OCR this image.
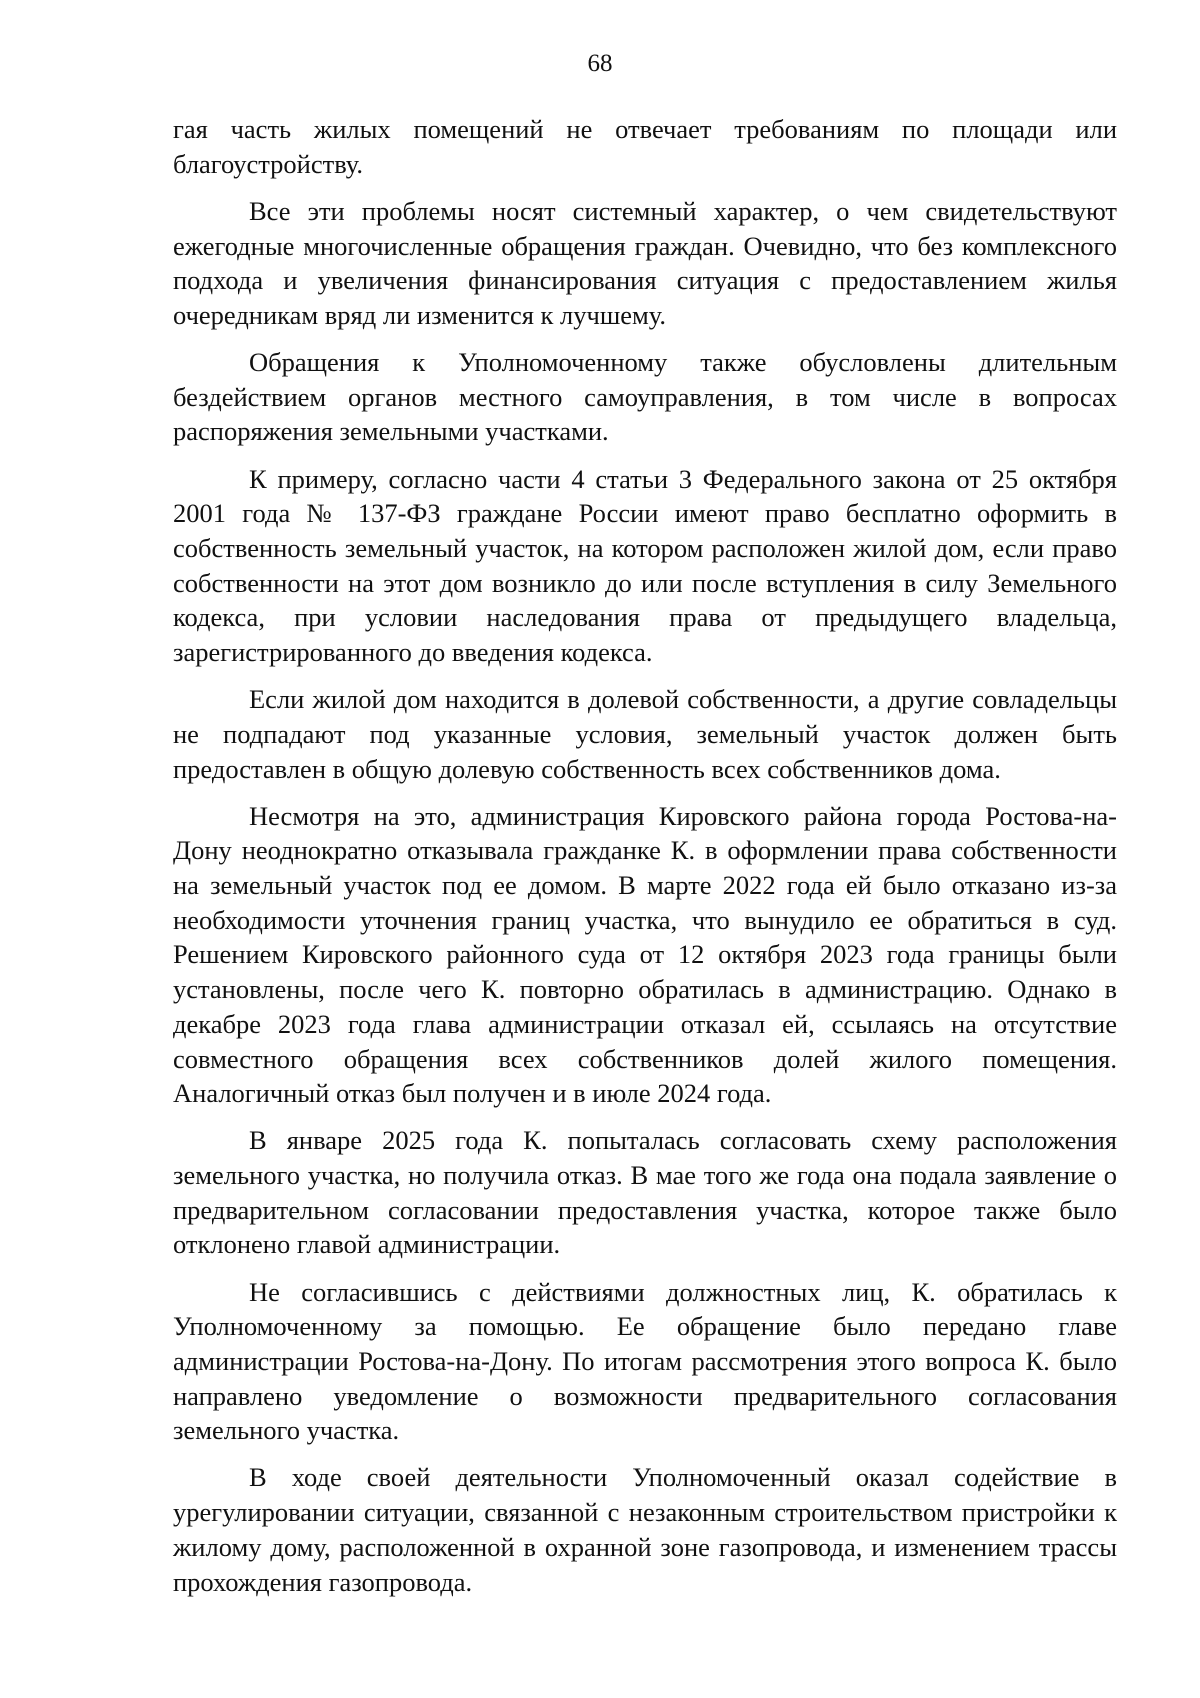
68

гая часть жилых помещений не отвечает требованиям по площади или благоустройству.

Все эти проблемы носят системный характер, о чем свидетельствуют ежегодные многочисленные обращения граждан. Очевидно, что без комплексного подхода и увеличения финансирования ситуация с предоставлением жилья очередникам вряд ли изменится к лучшему.

Обращения к Уполномоченному также обусловлены длительным бездействием органов местного самоуправления, в том числе в вопросах распоряжения земельными участками.

К примеру, согласно части 4 статьи 3 Федерального закона от 25 октября 2001 года № 137-ФЗ граждане России имеют право бесплатно оформить в собственность земельный участок, на котором расположен жилой дом, если право собственности на этот дом возникло до или после вступления в силу Земельного кодекса, при условии наследования права от предыдущего владельца, зарегистрированного до введения кодекса.

Если жилой дом находится в долевой собственности, а другие совладельцы не подпадают под указанные условия, земельный участок должен быть предоставлен в общую долевую собственность всех собственников дома.

Несмотря на это, администрация Кировского района города Ростова-на-Дону неоднократно отказывала гражданке К. в оформлении права собственности на земельный участок под ее домом. В марте 2022 года ей было отказано из-за необходимости уточнения границ участка, что вынудило ее обратиться в суд. Решением Кировского районного суда от 12 октября 2023 года границы были установлены, после чего К. повторно обратилась в администрацию. Однако в декабре 2023 года глава администрации отказал ей, ссылаясь на отсутствие совместного обращения всех собственников долей жилого помещения. Аналогичный отказ был получен и в июле 2024 года.

В январе 2025 года К. попыталась согласовать схему расположения земельного участка, но получила отказ. В мае того же года она подала заявление о предварительном согласовании предоставления участка, которое также было отклонено главой администрации.

Не согласившись с действиями должностных лиц, К. обратилась к Уполномоченному за помощью. Ее обращение было передано главе администрации Ростова-на-Дону. По итогам рассмотрения этого вопроса К. было направлено уведомление о возможности предварительного согласования земельного участка.

В ходе своей деятельности Уполномоченный оказал содействие в урегулировании ситуации, связанной с незаконным строительством пристройки к жилому дому, расположенной в охранной зоне газопровода, и изменением трассы прохождения газопровода.
